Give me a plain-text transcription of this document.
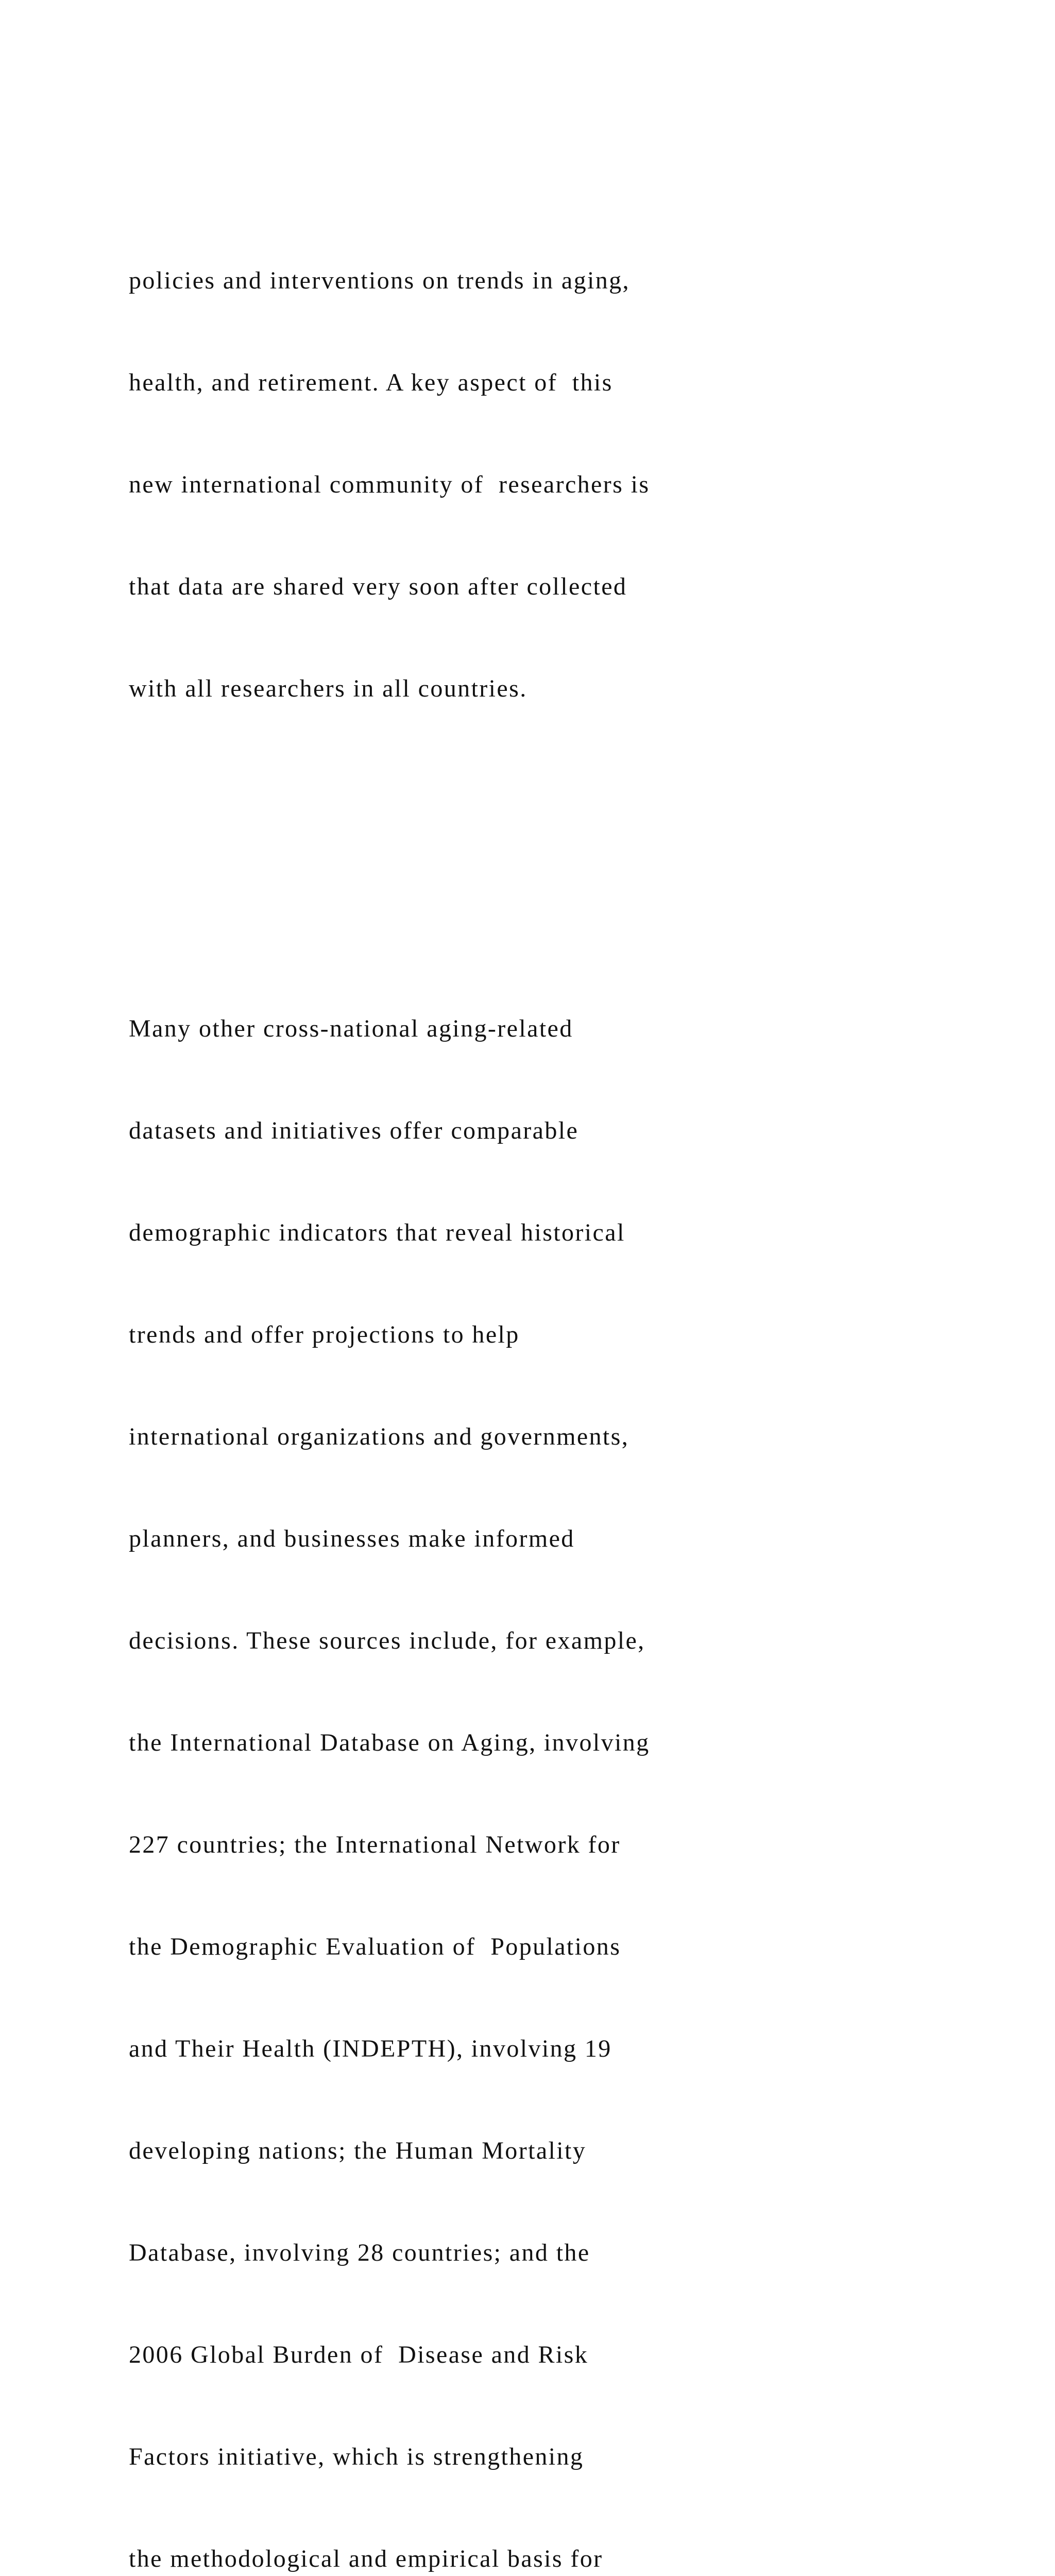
policies and interventions on trends in aging,

health, and retirement. A key aspect of  this

new international community of  researchers is

that data are shared very soon after collected

with all researchers in all countries.

Many other cross-national aging-related

datasets and initiatives offer comparable

demographic indicators that reveal historical

trends and offer projections to help

international organizations and governments,

planners, and businesses make informed

decisions. These sources include, for example,

the International Database on Aging, involving

227 countries; the International Network for

the Demographic Evaluation of  Populations

and Their Health (INDEPTH), involving 19

developing nations; the Human Mortality

Database, involving 28 countries; and the

2006 Global Burden of  Disease and Risk

Factors initiative, which is strengthening

the methodological and empirical basis for
